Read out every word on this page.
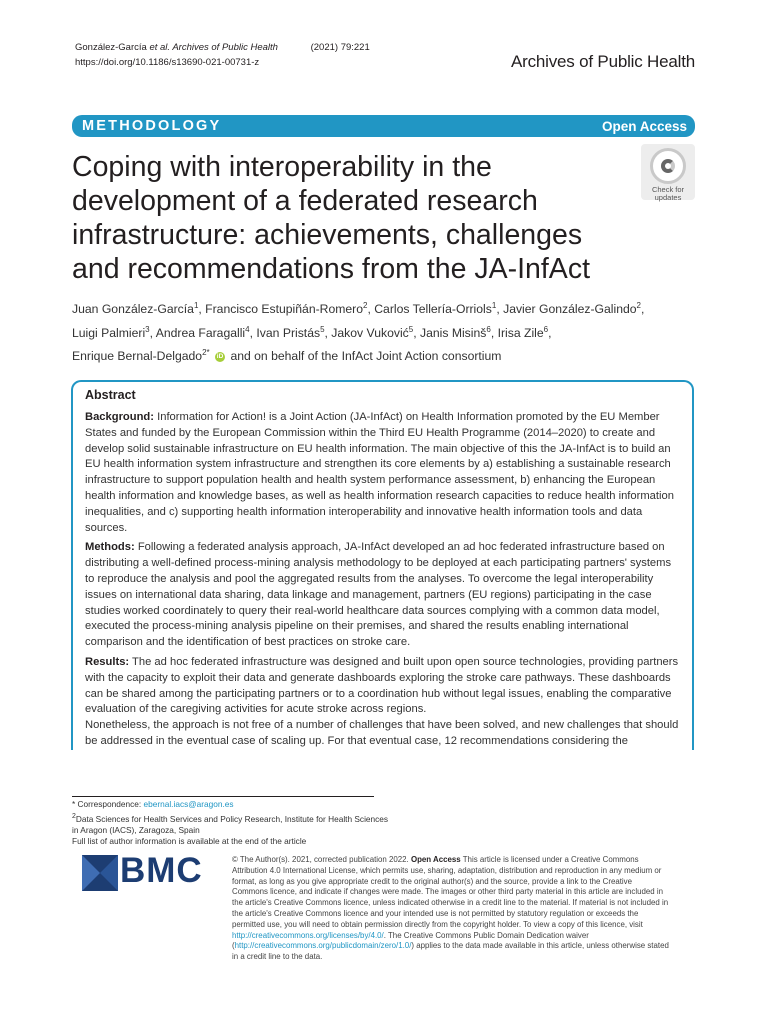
González-García et al. Archives of Public Health	(2021) 79:221
https://doi.org/10.1186/s13690-021-00731-z	Archives of Public Health
METHODOLOGY	Open Access
Coping with interoperability in the development of a federated research infrastructure: achievements, challenges and recommendations from the JA-InfAct
Check for
updates
Juan González-García$^1$, Francisco Estupiñán-Romero$^2$, Carlos Tellería-Orriols$^1$, Javier González-Galindo$^2$,
Luigi Palmieri$^3$, Andrea Faragalli$^4$, Ivan Pristás$^5$, Jakov Vuković$^5$, Janis Misinš$^6$, Irisa Zile$^6$,
Enrique Bernal-Delgado$^{2*}$ iD and on behalf of the InfAct Joint Action consortium
Abstract

Background: Information for Action! is a Joint Action (JA-InfAct) on Health Information promoted by the EU Member States and funded by the European Commission within the Third EU Health Programme (2014–2020) to create and develop solid sustainable infrastructure on EU health information. The main objective of this the JA-InfAct is to build an EU health information system infrastructure and strengthen its core elements by a) establishing a sustainable research infrastructure to support population health and health system performance assessment, b) enhancing the European health information and knowledge bases, as well as health information research capacities to reduce health information inequalities, and c) supporting health information interoperability and innovative health information tools and data sources.

Methods: Following a federated analysis approach, JA-InfAct developed an ad hoc federated infrastructure based on distributing a well-defined process-mining analysis methodology to be deployed at each participating partners' systems to reproduce the analysis and pool the aggregated results from the analyses. To overcome the legal interoperability issues on international data sharing, data linkage and management, partners (EU regions) participating in the case studies worked coordinately to query their real-world healthcare data sources complying with a common data model, executed the process-mining analysis pipeline on their premises, and shared the results enabling international comparison and the identification of best practices on stroke care.

Results: The ad hoc federated infrastructure was designed and built upon open source technologies, providing partners with the capacity to exploit their data and generate dashboards exploring the stroke care pathways. These dashboards can be shared among the participating partners or to a coordination hub without legal issues, enabling the comparative evaluation of the caregiving activities for acute stroke across regions.

Nonetheless, the approach is not free of a number of challenges that have been solved, and new challenges that should be addressed in the eventual case of scaling up. For that eventual case, 12 recommendations considering the

* Correspondence: ebernal.iacs@aragon.es
$^2$Data Sciences for Health Services and Policy Research, Institute for Health Sciences in Aragon (IACS), Zaragoza, Spain
Full list of author information is available at the end of the article
BMC	© The Author(s). 2021, corrected publication 2022. Open Access This article is licensed under a Creative Commons Attribution 4.0 International License, which permits use, sharing, adaptation, distribution and reproduction in any medium or format, as long as you give appropriate credit to the original author(s) and the source, provide a link to the Creative Commons licence, and indicate if changes were made. The images or other third party material in this article are included in the article's Creative Commons licence, unless indicated otherwise in a credit line to the material. If material is not included in the article's Creative Commons licence and your intended use is not permitted by statutory regulation or exceeds the permitted use, you will need to obtain permission directly from the copyright holder. To view a copy of this licence, visit http://creativecommons.org/licenses/by/4.0/. The Creative Commons Public Domain Dedication waiver (http://creativecommons.org/publicdomain/zero/1.0/) applies to the data made available in this article, unless otherwise stated in a credit line to the data.
